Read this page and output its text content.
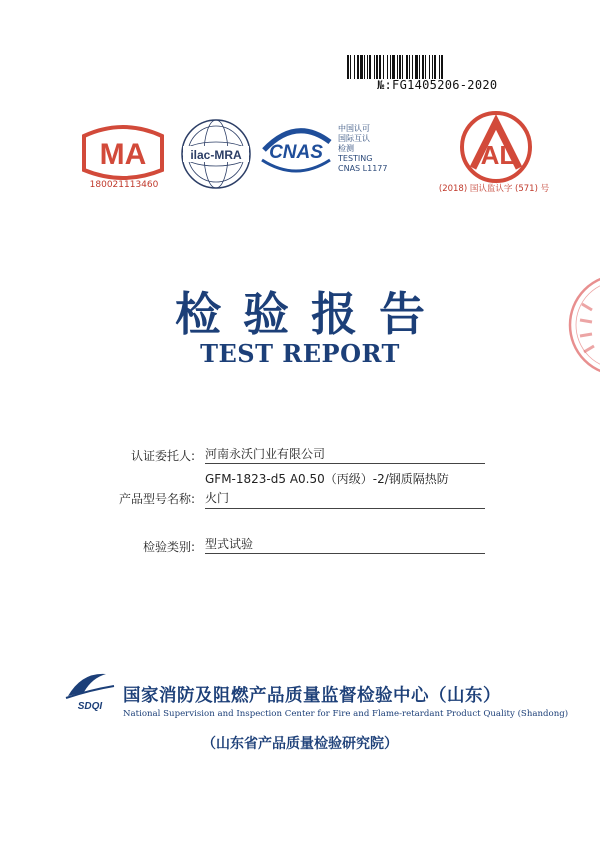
№:FG1405206-2020
MA
180021113460
ilac-MRA CNAS
中国认可
国际互认
检测
TESTING
CNAS L1177	AL
(2018) 国认监认字 (571) 号
检验报告
TEST REPORT
认证委托人: 河南永沃门业有限公司
GFM-1823-d5 A0.50（丙级）-2/钢质隔热防
产品型号名称: 火门
检验类别: 型式试验
SDQI
国家消防及阻燃产品质量监督检验中心（山东）
National Supervision and Inspection Center for Fire and Flame-retardant Product Quality (Shandong)
（山东省产品质量检验研究院）
